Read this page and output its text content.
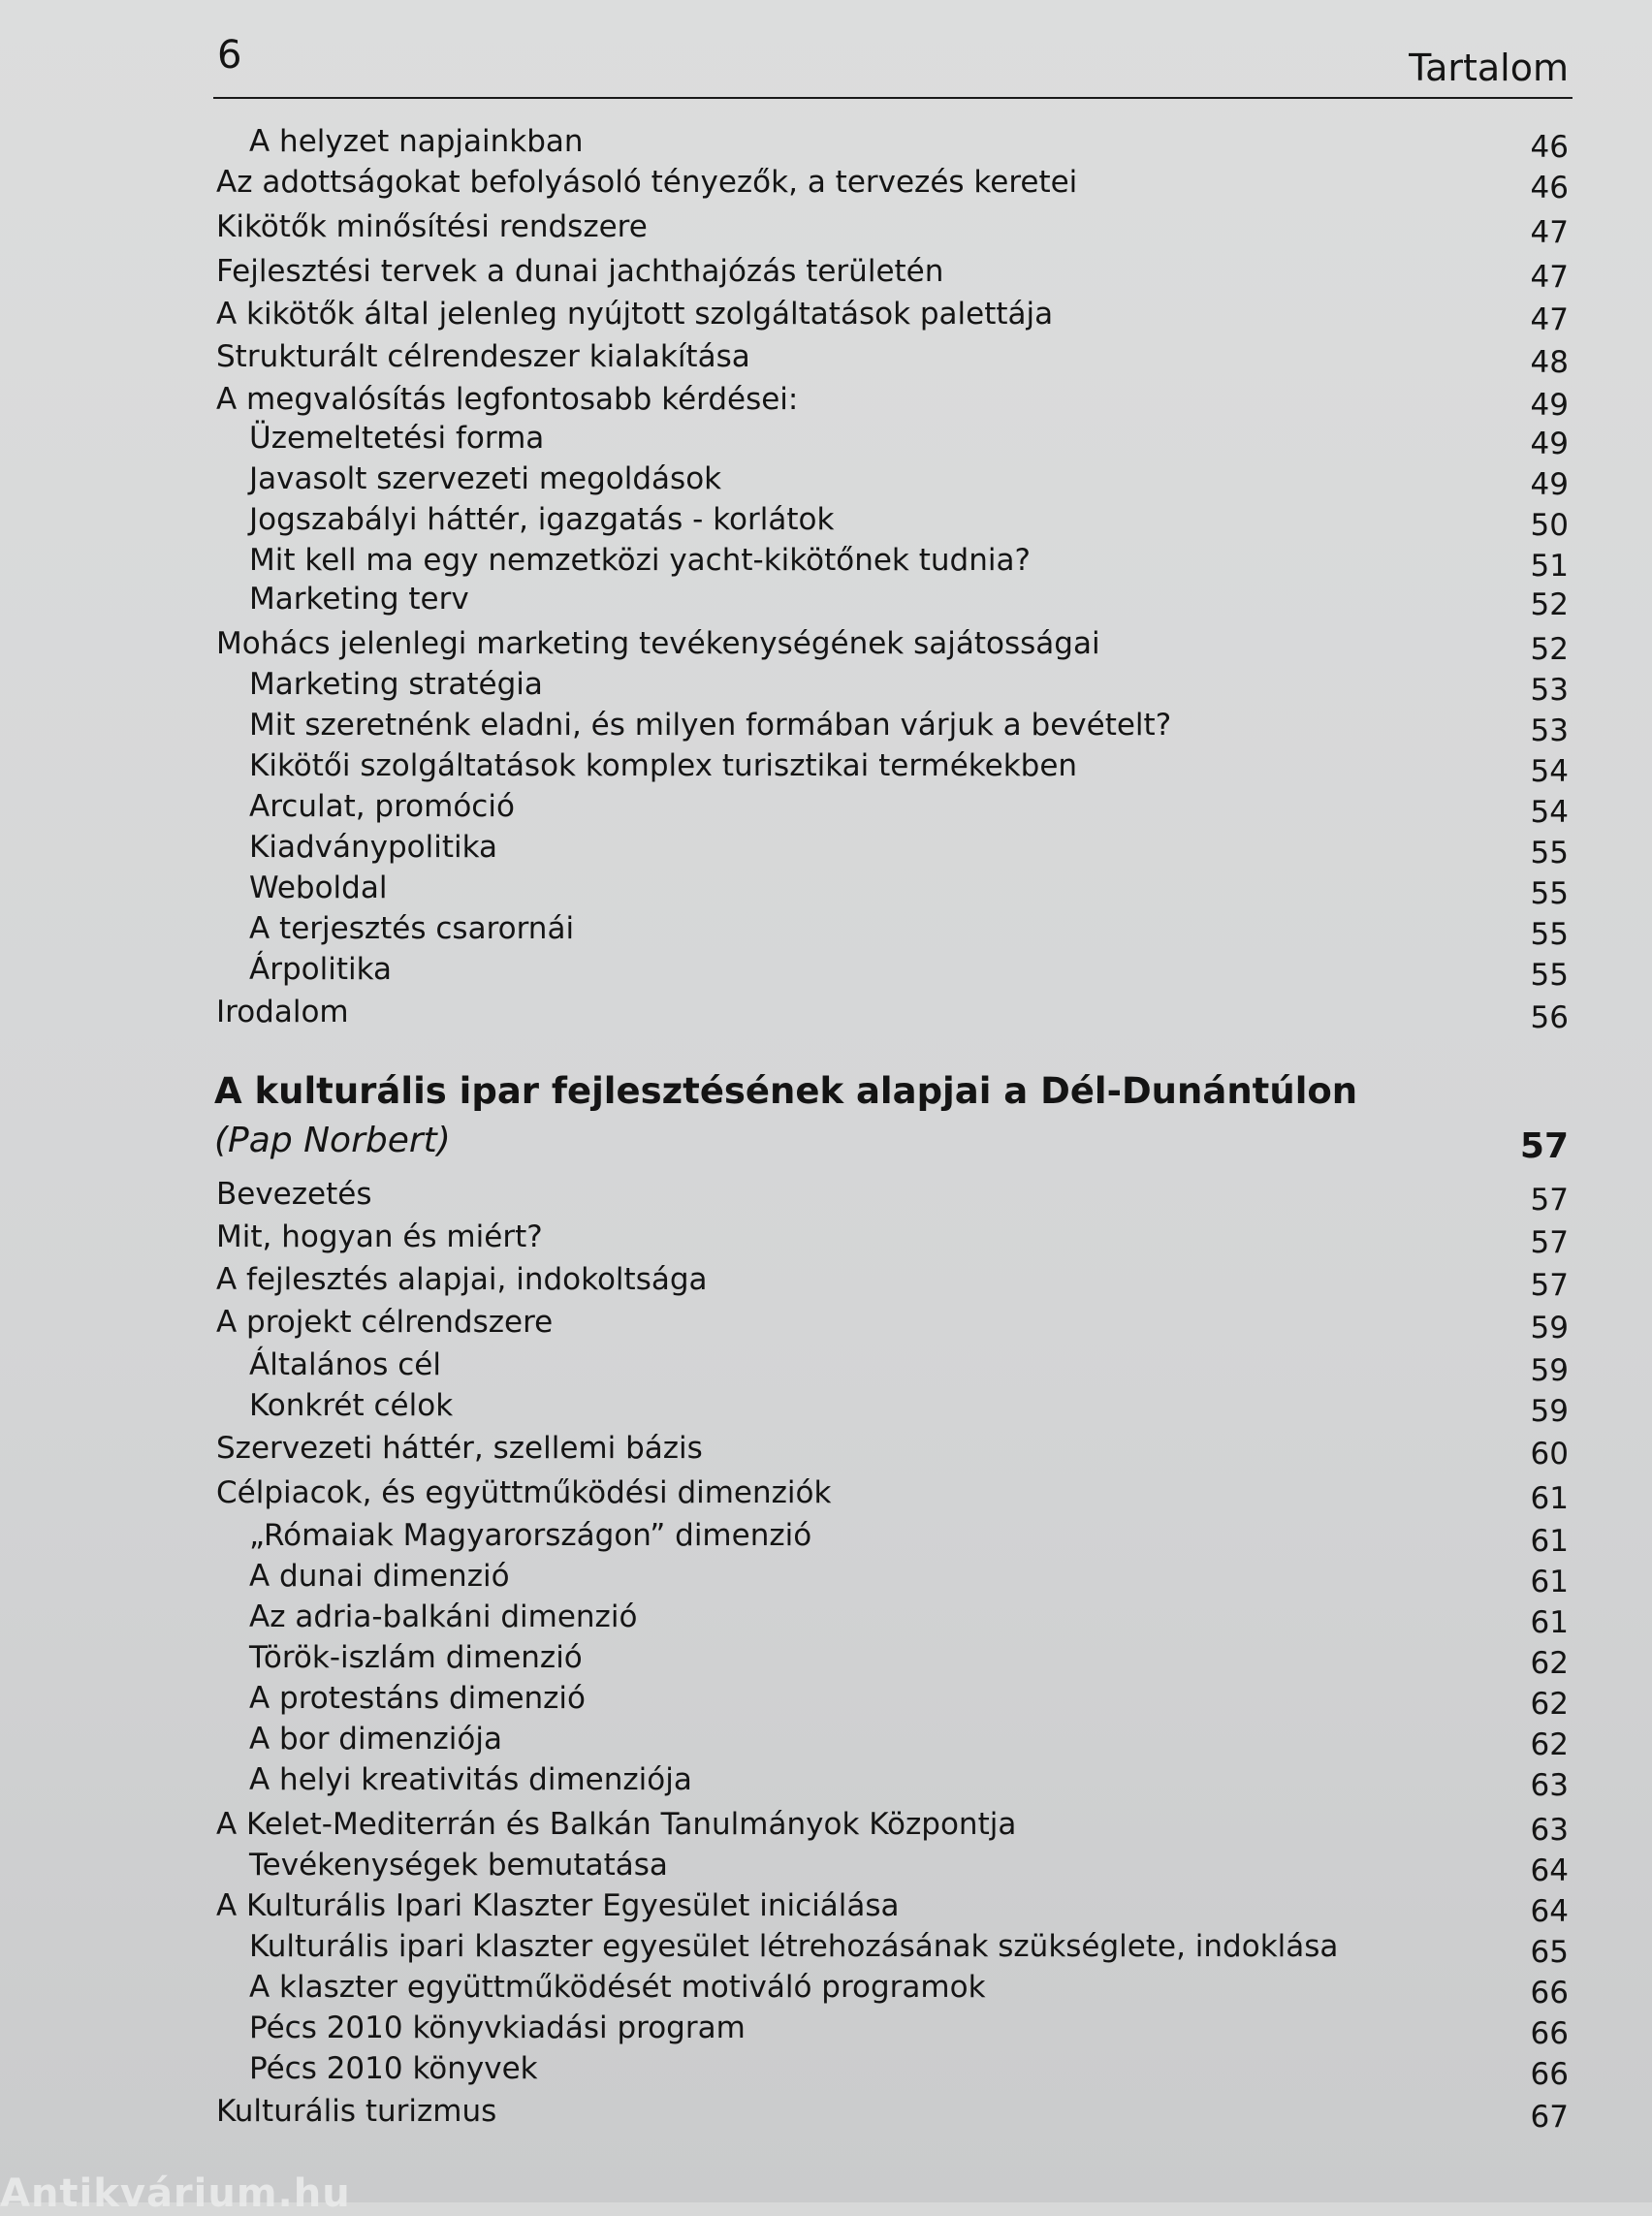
6	Tartalom
A helyzet napjainkban	46
Az adottságokat befolyásoló tényezők, a tervezés keretei	46
Kikötők minősítési rendszere	47
Fejlesztési tervek a dunai jachthajózás területén	47
A kikötők által jelenleg nyújtott szolgáltatások palettája	47
Strukturált célrendeszer kialakítása	48
A megvalósítás legfontosabb kérdései:	49
Üzemeltetési forma	49
Javasolt szervezeti megoldások	49
Jogszabályi háttér, igazgatás - korlátok	50
Mit kell ma egy nemzetközi yacht-kikötőnek tudnia?	51
Marketing terv	52
Mohács jelenlegi marketing tevékenységének sajátosságai	52
Marketing stratégia	53
Mit szeretnénk eladni, és milyen formában várjuk a bevételt?	53
Kikötői szolgáltatások komplex turisztikai termékekben	54
Arculat, promóció	54
Kiadványpolitika	55
Weboldal	55
A terjesztés csarornái	55
Árpolitika	55
Irodalom	56
A kulturális ipar fejlesztésének alapjai a Dél-Dunántúlon
(Pap Norbert)	57
Bevezetés	57
Mit, hogyan és miért?	57
A fejlesztés alapjai, indokoltsága	57
A projekt célrendszere	59
Általános cél	59
Konkrét célok	59
Szervezeti háttér, szellemi bázis	60
Célpiacok, és együttműködési dimenziók	61
„Rómaiak Magyarországon” dimenzió	61
A dunai dimenzió	61
Az adria-balkáni dimenzió	61
Török-iszlám dimenzió	62
A protestáns dimenzió	62
A bor dimenziója	62
A helyi kreativitás dimenziója	63
A Kelet-Mediterrán és Balkán Tanulmányok Központja	63
Tevékenységek bemutatása	64
A Kulturális Ipari Klaszter Egyesület iniciálása	64
Kulturális ipari klaszter egyesület létrehozásának szükséglete, indoklása	65
A klaszter együttműködését motiváló programok	66
Pécs 2010 könyvkiadási program	66
Pécs 2010 könyvek	66
Kulturális turizmus	67
Antikvárium.hu
